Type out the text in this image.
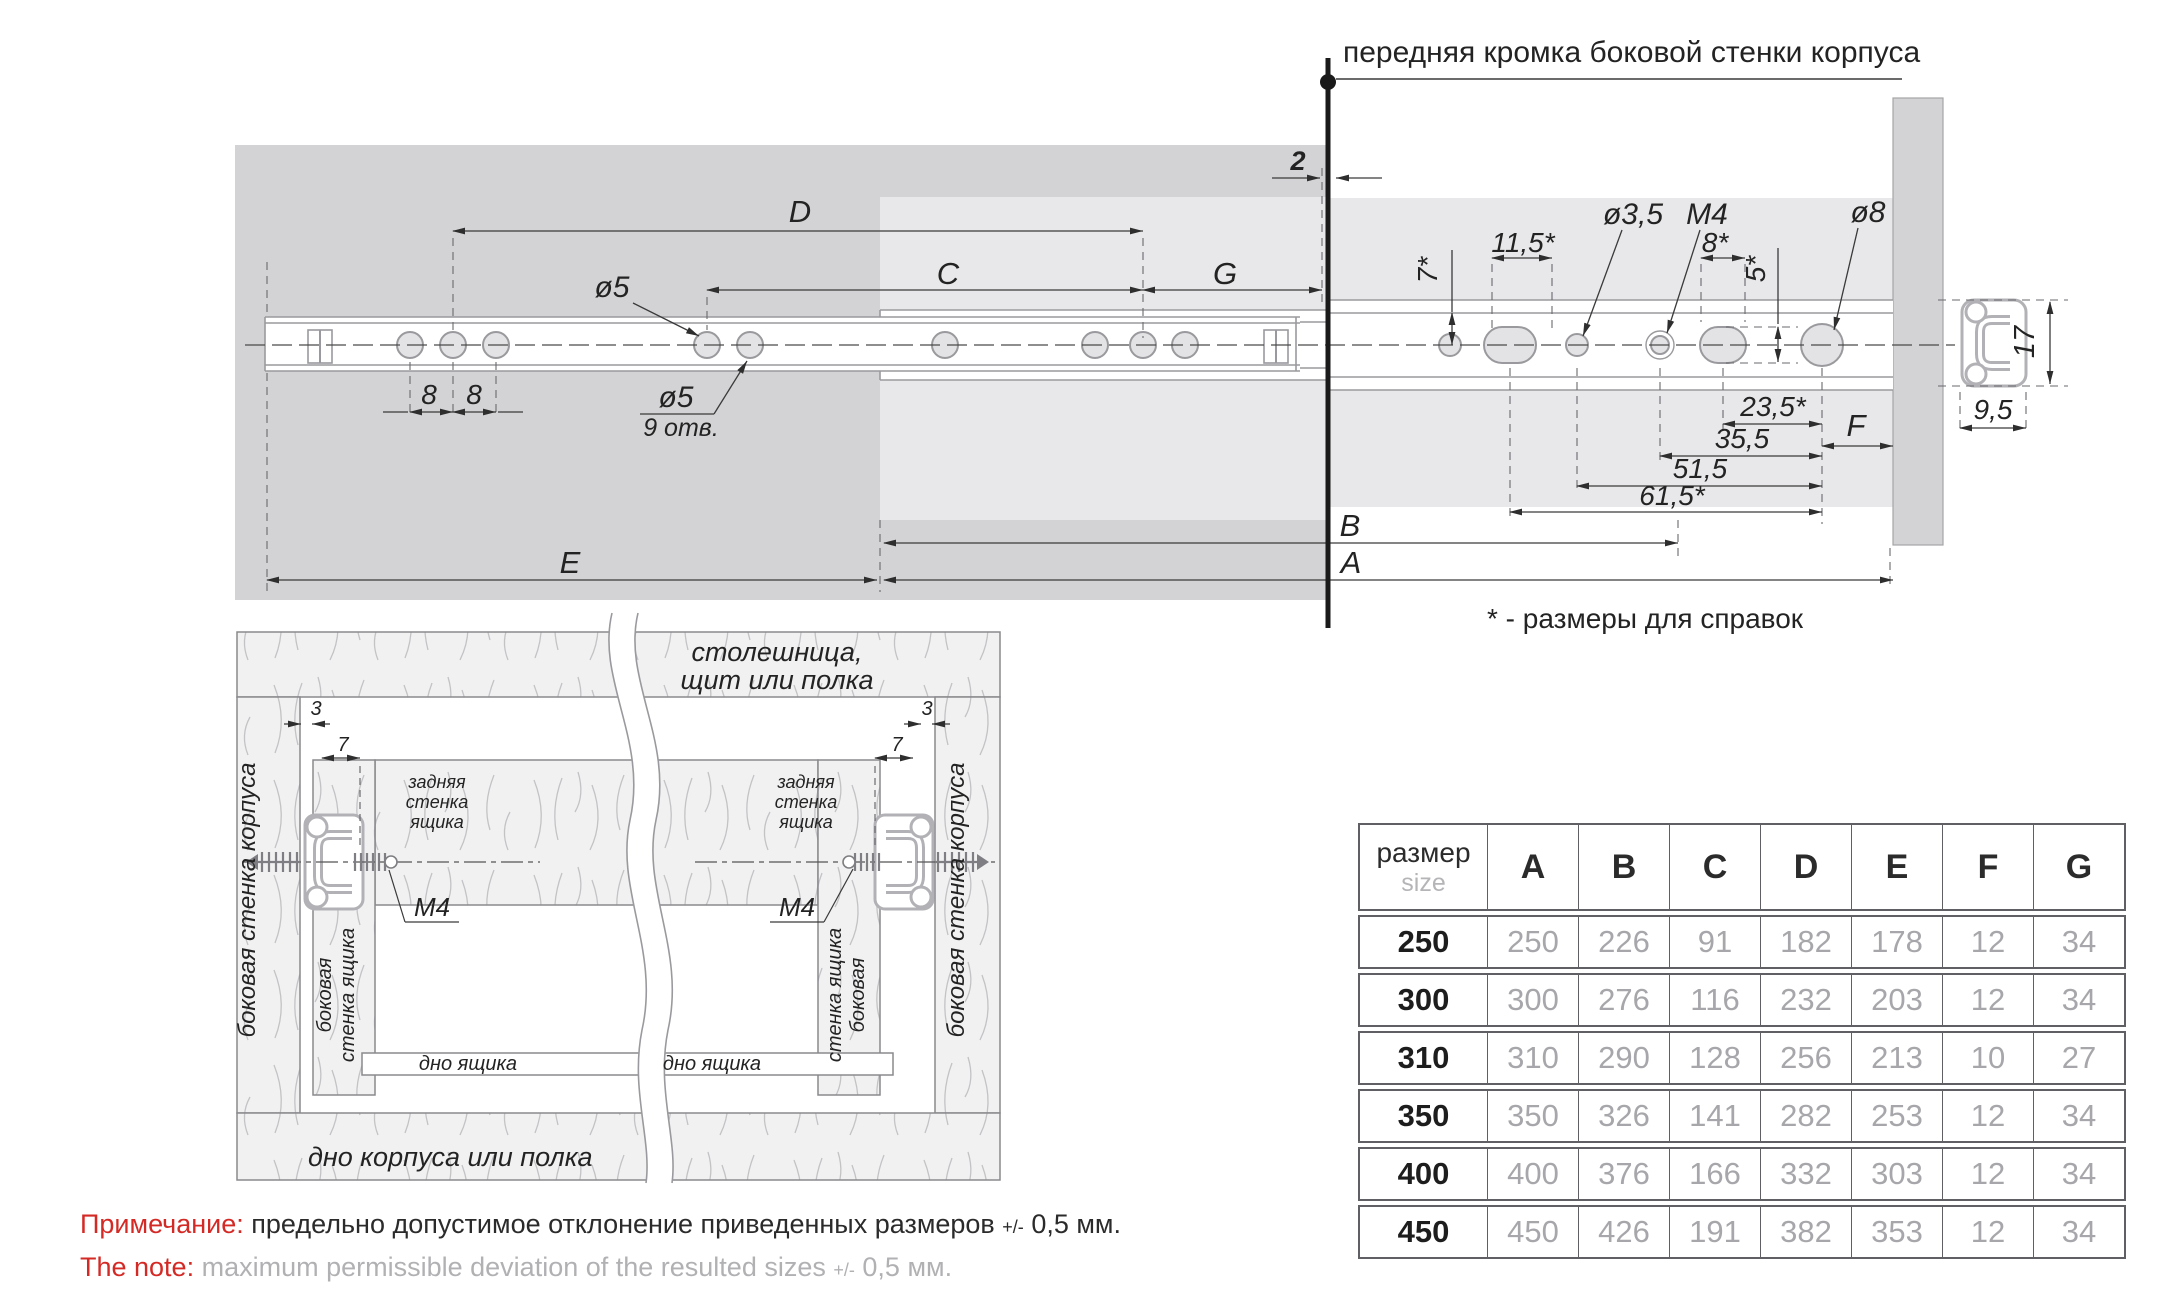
передняя кромка боковой стенки корпуса
D
C	G
2
7*
11,5*
ø3,5 M4
8*
5*
ø8
23,5*
F
35,5
51,5
61,5*
B
A
E
8 8
ø5
ø5
9 отв.
17
9,5
* - размеры для справок
столешница,
щит или полка
задняя
стенка
ящика
задняя
стенка
ящика
M4	M4
боковая стенка корпуса	боковая стенка корпуса
боковая стенка ящика	боковая
стенка ящика
дно ящика	дно ящика
дно корпуса или полка
3
7
3
7
размер
size	A	B	C	D	E	F	G
250	250	226	91	182	178	12	34
300	300	276	116	232	203	12	34
310	310	290	128	256	213	10	27
350	350	326	141	282	253	12	34
400	400	376	166	332	303	12	34
450	450	426	191	382	353	12	34
Примечание: предельно допустимое отклонение приведенных размеров +/- 0,5 мм.
The note: maximum permissible deviation of the resulted sizes +/- 0,5 мм.
